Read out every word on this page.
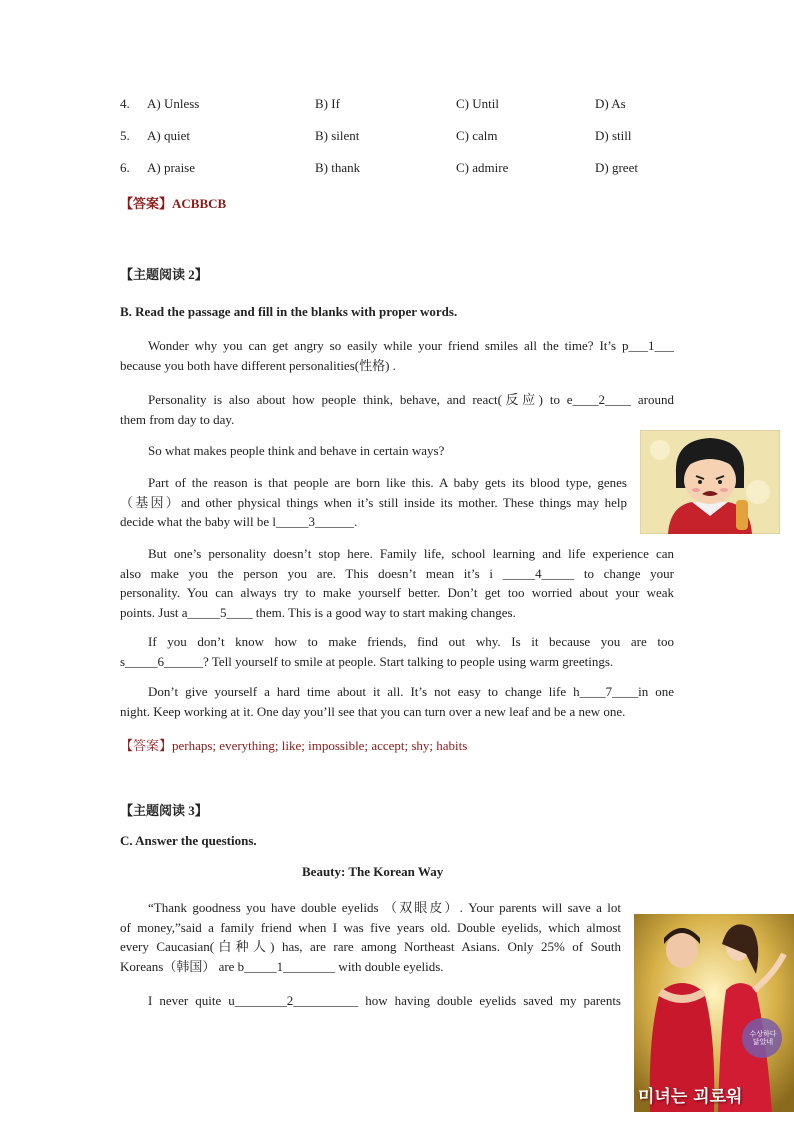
4. A) Unless	B) If	C) Until	D) As
5. A) quiet	B) silent	C) calm	D) still
6. A) praise	B) thank	C) admire	D) greet
【答案】ACBBCB
【主题阅读 2】
B. Read the passage and fill in the blanks with proper words.
Wonder why you can get angry so easily while your friend smiles all the time? It’s p___1___
because you both have different personalities(性格) .
Personality is also about how people think, behave, and react(反应) to e____2____ around
them from day to day.
So what makes people think and behave in certain ways?
Part of the reason is that people are born like this. A baby gets its blood type, genes
（基因）and other physical things when it’s still inside its mother. These things may help
decide what the baby will be l_____3______.
But one’s personality doesn’t stop here. Family life, school learning and life experience can
also make you the person you are. This doesn’t mean it’s i _____4_____ to change your
personality. You can always try to make yourself better. Don’t get too worried about your weak
points. Just a_____5____ them. This is a good way to start making changes.
If you don’t know how to make friends, find out why. Is it because you are too
s_____6______? Tell yourself to smile at people. Start talking to people using warm greetings.
Don’t give yourself a hard time about it all. It’s not easy to change life h____7____in one
night. Keep working at it. One day you’ll see that you can turn over a new leaf and be a new one.
【答案】perhaps; everything; like; impossible; accept; shy; habits
【主题阅读 3】
C. Answer the questions.
Beauty: The Korean Way
“Thank goodness you have double eyelids （双眼皮）. Your parents will save a lot
of money,”said a family friend when I was five years old. Double eyelids, which almost
every Caucasian(白种人) has, are rare among Northeast Asians. Only 25% of South
Koreans（韩国） are b_____1________ with double eyelids.
I never quite u________2__________ how having double eyelids saved my parents
수상하다 닮았네
미녀는 괴로워
